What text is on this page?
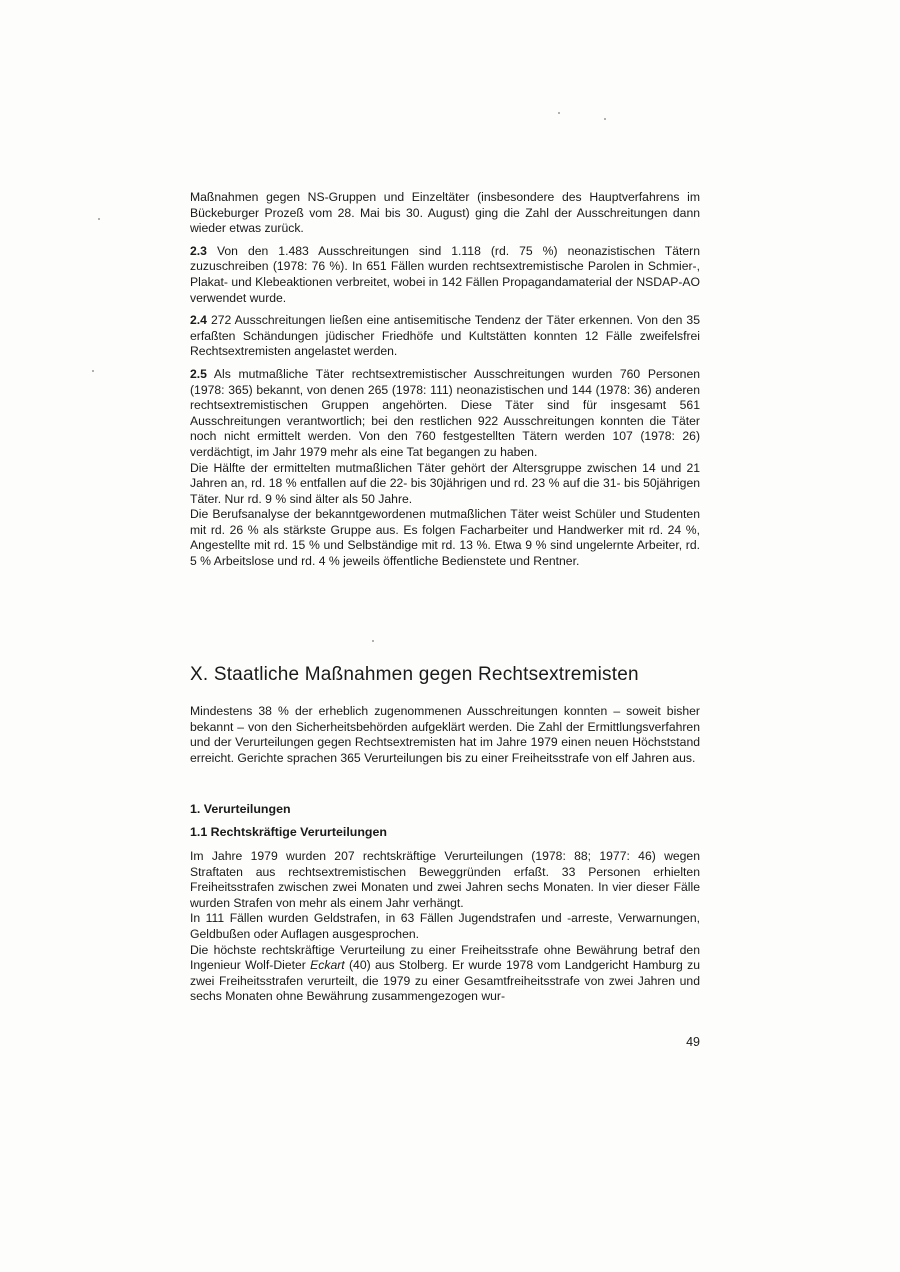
Maßnahmen gegen NS-Gruppen und Einzeltäter (insbesondere des Hauptverfahrens im Bückeburger Prozeß vom 28. Mai bis 30. August) ging die Zahl der Ausschreitungen dann wieder etwas zurück.

2.3 Von den 1.483 Ausschreitungen sind 1.118 (rd. 75 %) neonazistischen Tätern zuzuschreiben (1978: 76 %). In 651 Fällen wurden rechtsextremistische Parolen in Schmier-, Plakat- und Klebeaktionen verbreitet, wobei in 142 Fällen Propagandamaterial der NSDAP-AO verwendet wurde.

2.4 272 Ausschreitungen ließen eine antisemitische Tendenz der Täter erkennen. Von den 35 erfaßten Schändungen jüdischer Friedhöfe und Kultstätten konnten 12 Fälle zweifelsfrei Rechtsextremisten angelastet werden.

2.5 Als mutmaßliche Täter rechtsextremistischer Ausschreitungen wurden 760 Personen (1978: 365) bekannt, von denen 265 (1978: 111) neonazistischen und 144 (1978: 36) anderen rechtsextremistischen Gruppen angehörten. Diese Täter sind für insgesamt 561 Ausschreitungen verantwortlich; bei den restlichen 922 Ausschreitungen konnten die Täter noch nicht ermittelt werden. Von den 760 festgestellten Tätern werden 107 (1978: 26) verdächtigt, im Jahr 1979 mehr als eine Tat begangen zu haben.

Die Hälfte der ermittelten mutmaßlichen Täter gehört der Altersgruppe zwischen 14 und 21 Jahren an, rd. 18 % entfallen auf die 22- bis 30jährigen und rd. 23 % auf die 31- bis 50jährigen Täter. Nur rd. 9 % sind älter als 50 Jahre.

Die Berufsanalyse der bekanntgewordenen mutmaßlichen Täter weist Schüler und Studenten mit rd. 26 % als stärkste Gruppe aus. Es folgen Facharbeiter und Handwerker mit rd. 24 %, Angestellte mit rd. 15 % und Selbständige mit rd. 13 %. Etwa 9 % sind ungelernte Arbeiter, rd. 5 % Arbeitslose und rd. 4 % jeweils öffentliche Bedienstete und Rentner.

X. Staatliche Maßnahmen gegen Rechtsextremisten

Mindestens 38 % der erheblich zugenommenen Ausschreitungen konnten – soweit bisher bekannt – von den Sicherheitsbehörden aufgeklärt werden. Die Zahl der Ermittlungsverfahren und der Verurteilungen gegen Rechtsextremisten hat im Jahre 1979 einen neuen Höchststand erreicht. Gerichte sprachen 365 Verurteilungen bis zu einer Freiheitsstrafe von elf Jahren aus.

1. Verurteilungen
1.1 Rechtskräftige Verurteilungen

Im Jahre 1979 wurden 207 rechtskräftige Verurteilungen (1978: 88; 1977: 46) wegen Straftaten aus rechtsextremistischen Beweggründen erfaßt. 33 Personen erhielten Freiheitsstrafen zwischen zwei Monaten und zwei Jahren sechs Monaten. In vier dieser Fälle wurden Strafen von mehr als einem Jahr verhängt.

In 111 Fällen wurden Geldstrafen, in 63 Fällen Jugendstrafen und -arreste, Verwarnungen, Geldbußen oder Auflagen ausgesprochen.

Die höchste rechtskräftige Verurteilung zu einer Freiheitsstrafe ohne Bewährung betraf den Ingenieur Wolf-Dieter Eckart (40) aus Stolberg. Er wurde 1978 vom Landgericht Hamburg zu zwei Freiheitsstrafen verurteilt, die 1979 zu einer Gesamtfreiheitsstrafe von zwei Jahren und sechs Monaten ohne Bewährung zusammengezogen wur-

49
